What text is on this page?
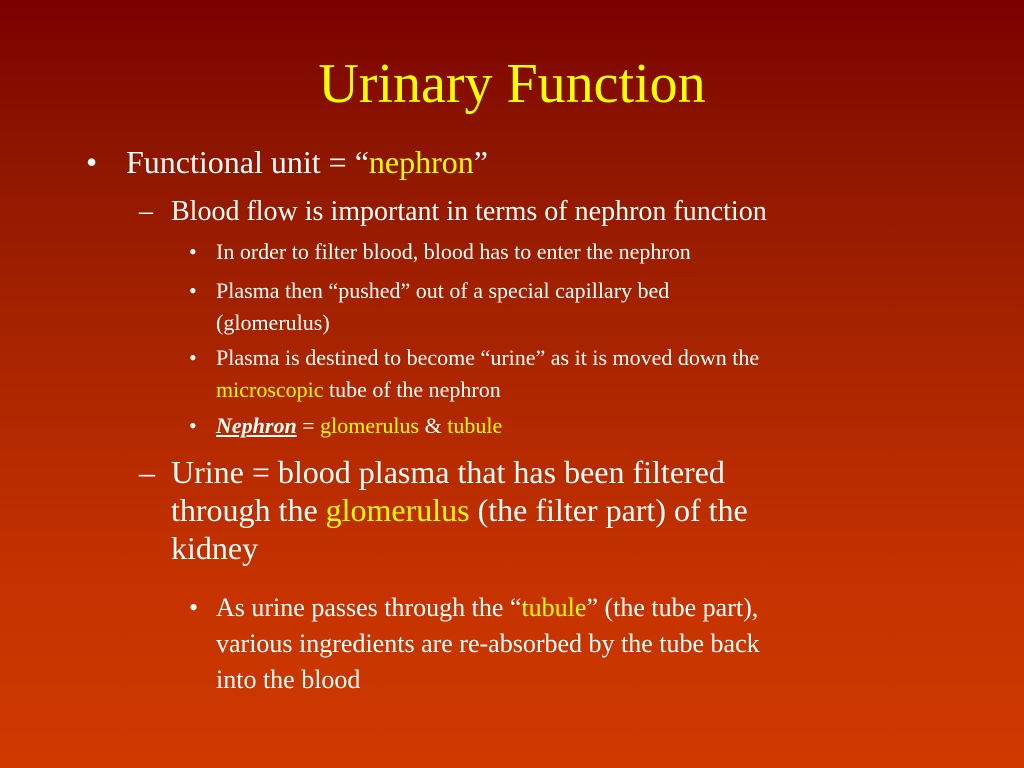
Urinary Function
• Functional unit = “nephron”
– Blood flow is important in terms of nephron function
• In order to filter blood, blood has to enter the nephron
• Plasma then “pushed” out of a special capillary bed
(glomerulus)
• Plasma is destined to become “urine” as it is moved down the
microscopic tube of the nephron
• Nephron = glomerulus & tubule
– Urine = blood plasma that has been filtered
through the glomerulus (the filter part) of the
kidney
• As urine passes through the “tubule” (the tube part),
various ingredients are re-absorbed by the tube back
into the blood
